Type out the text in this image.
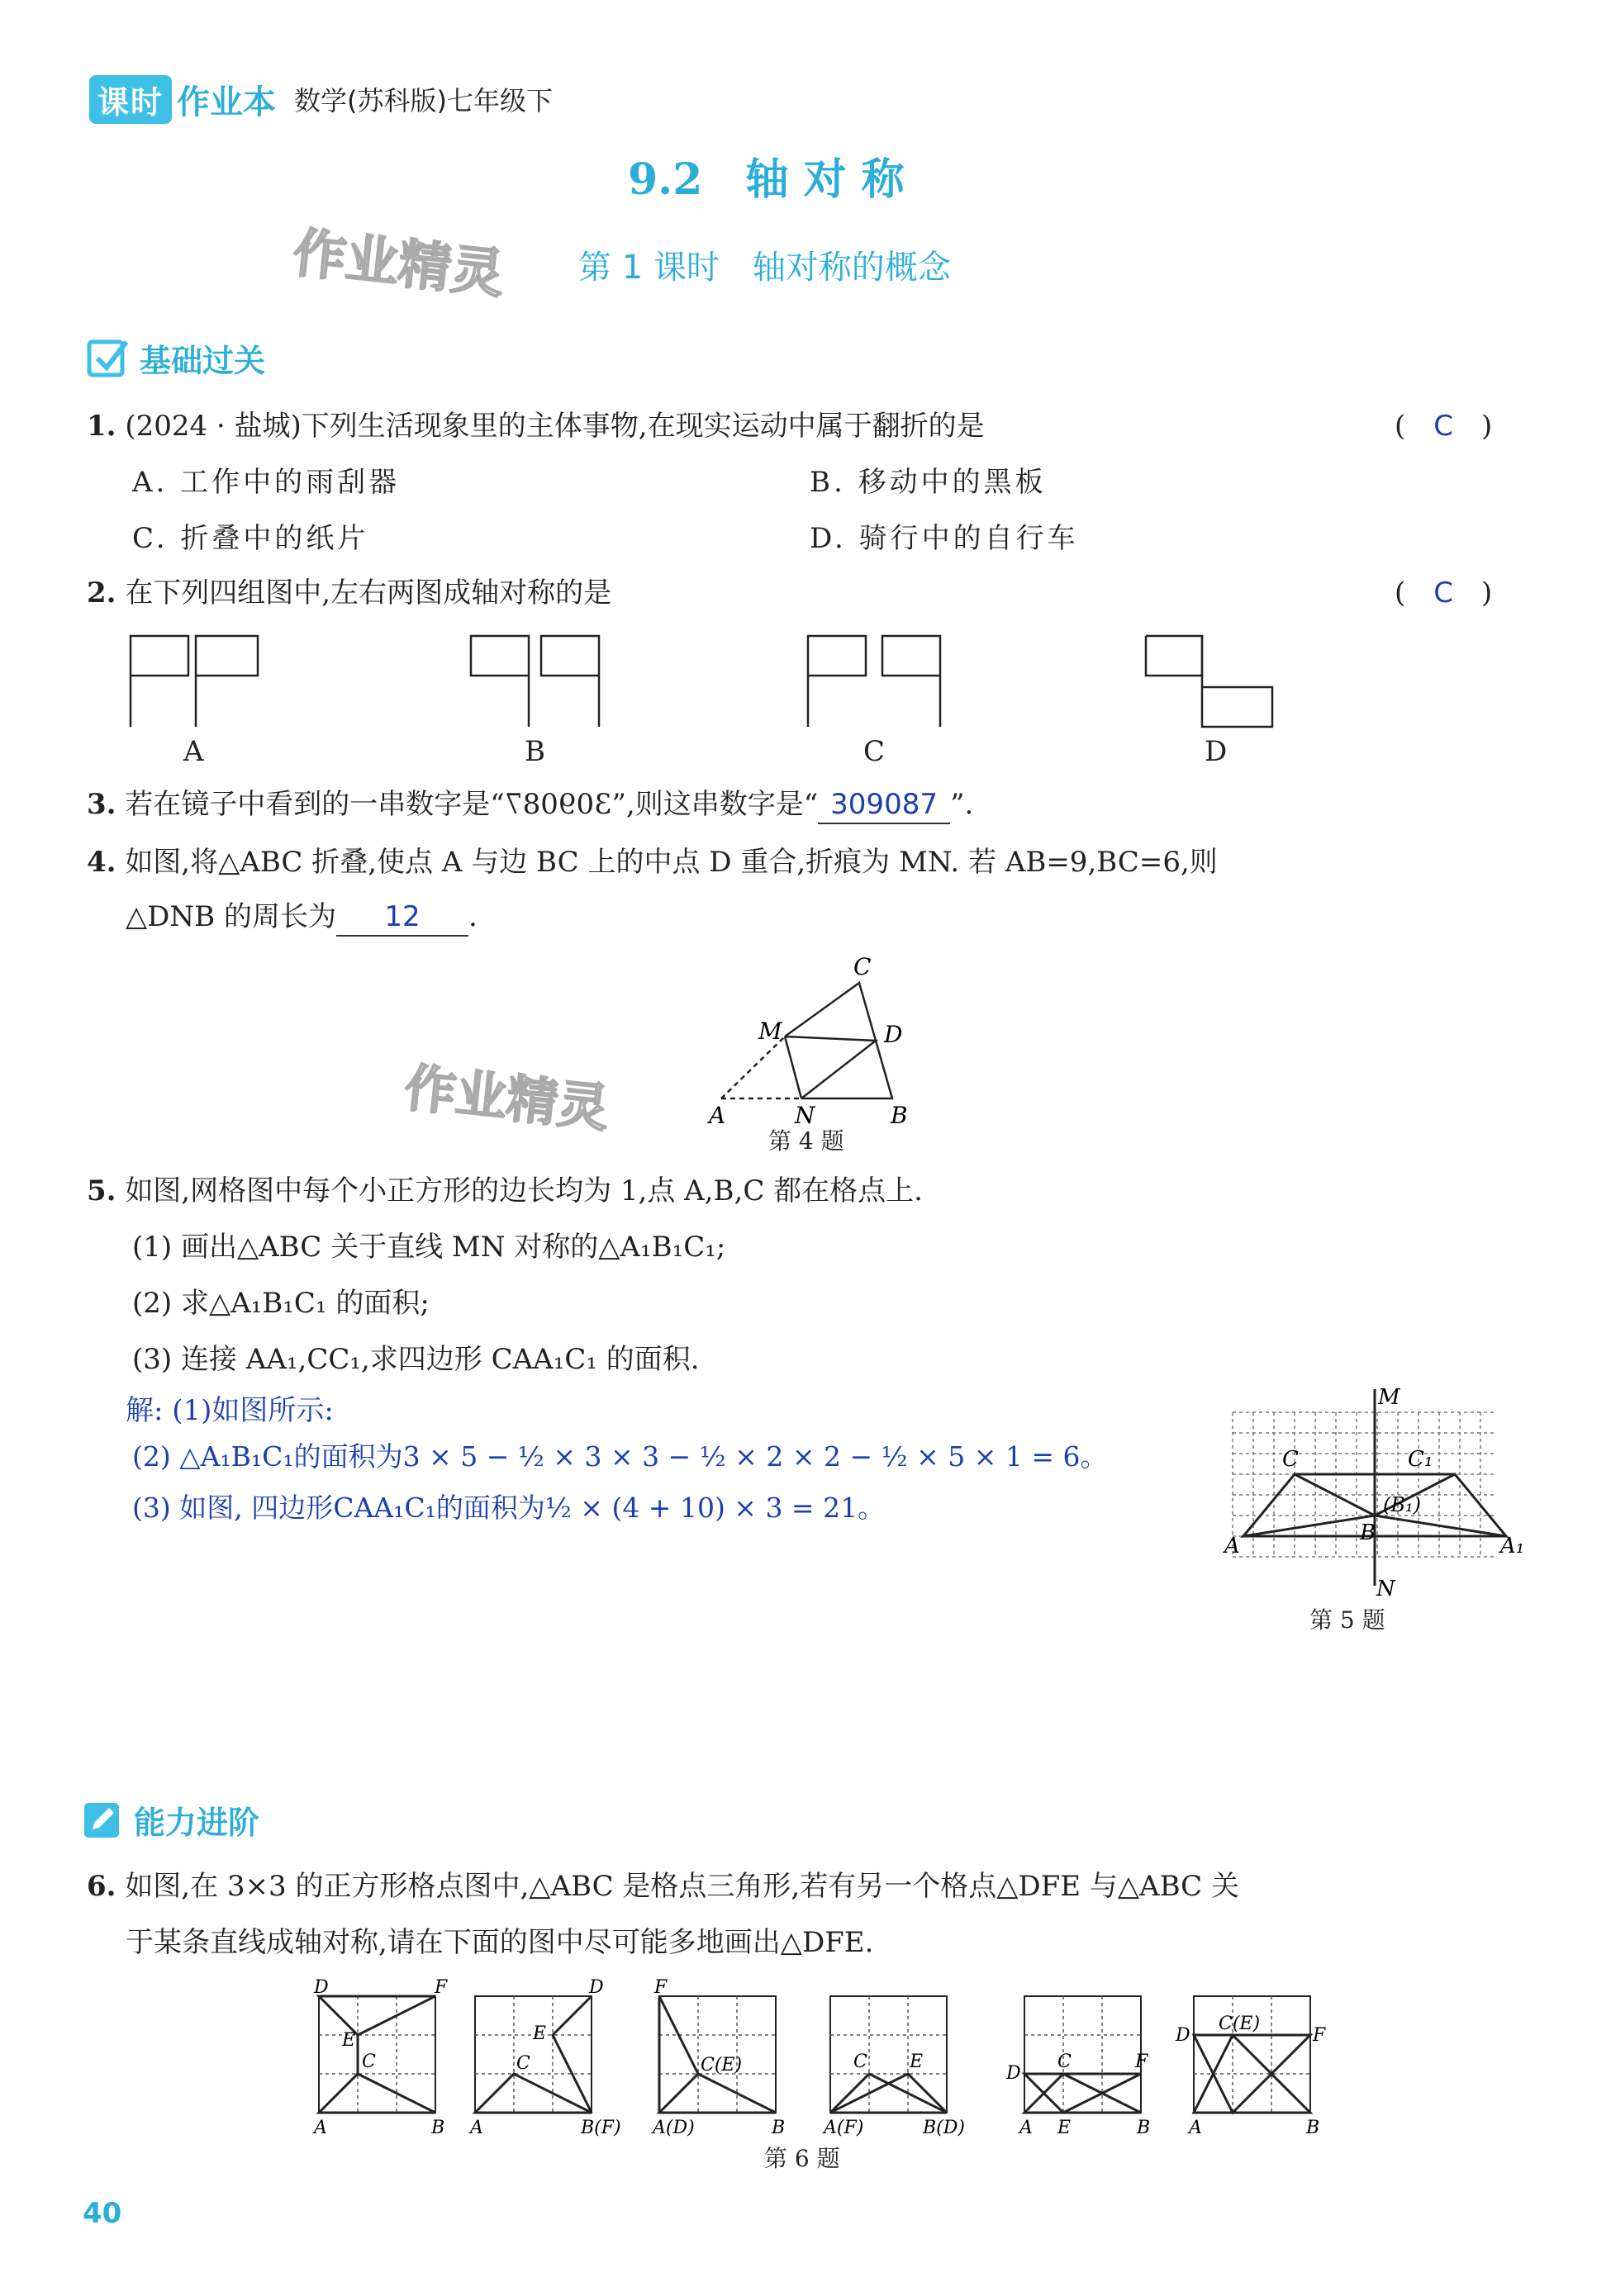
课时 作业本 数学(苏科版)七年级下
9.2　轴 对 称
作业精灵 第 1 课时　轴对称的概念
基础过关
1. (2024 · 盐城)下列生活现象里的主体事物,在现实运动中属于翻折的是	(　C　)
A. 工作中的雨刮器	B. 移动中的黑板
C. 折叠中的纸片	D. 骑行中的自行车
2. 在下列四组图中,左右两图成轴对称的是	(　C　)
A	B	C	D
3. 若在镜子中看到的一串数字是“309087”,则这串数字是“ 309087 ”.
4. 如图,将△ABC 折叠,使点 A 与边 BC 上的中点 D 重合,折痕为 MN. 若 AB=9,BC=6,则
△DNB 的周长为 12 .
C
M	D
A	N	B
作业精灵
第 4 题
5. 如图,网格图中每个小正方形的边长均为 1,点 A,B,C 都在格点上.
(1) 画出△ABC 关于直线 MN 对称的△A₁B₁C₁;
(2) 求△A₁B₁C₁ 的面积;
(3) 连接 AA₁,CC₁,求四边形 CAA₁C₁ 的面积.
解: (1)如图所示:
(2) △A₁B₁C₁的面积为3 × 5 − ½ × 3 × 3 − ½ × 2 × 2 − ½ × 5 × 1 = 6。
(3) 如图, 四边形CAA₁C₁的面积为½ × (4 + 10) × 3 = 21。
M
N
C	C₁
A	A₁
B
(B₁)
第 5 题
能力进阶
6. 如图,在 3×3 的正方形格点图中,△ABC 是格点三角形,若有另一个格点△DFE 与△ABC 关
于某条直线成轴对称,请在下面的图中尽可能多地画出△DFE.
D	F
E
C
A	B
D
E
C
A	B(F)
F
C(E)
A(D)	B
C E
A(F)	B(D)
D
C	F
A E	B
D
C(E)
F
A	B
第 6 题
40
